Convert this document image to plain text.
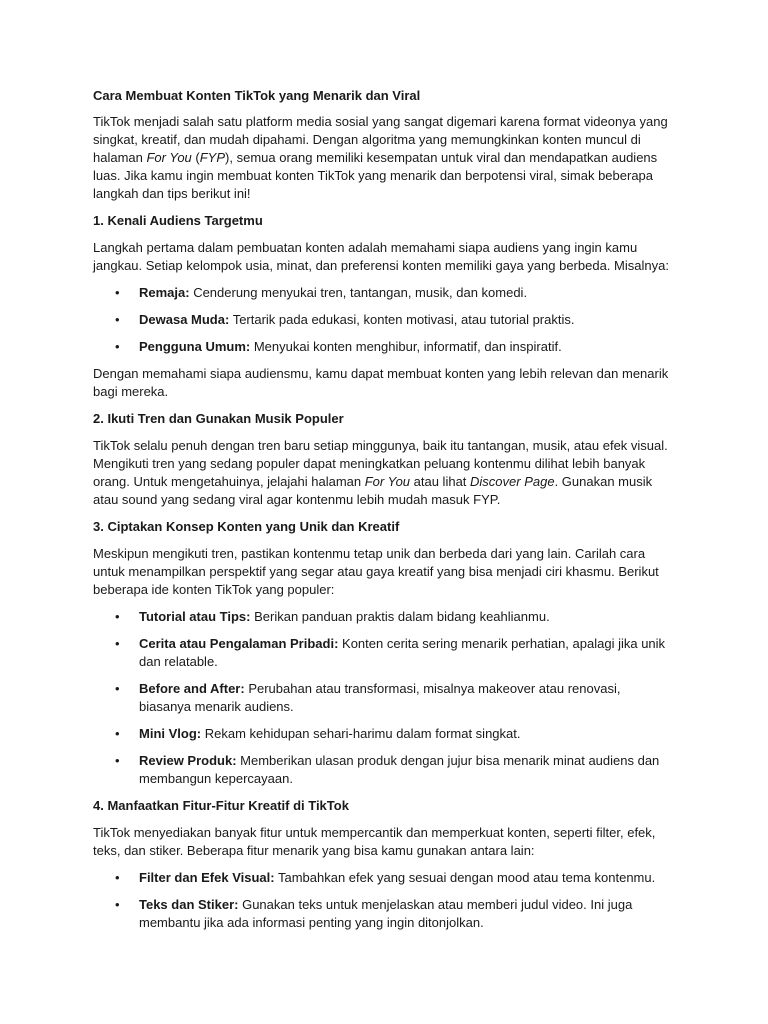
Cara Membuat Konten TikTok yang Menarik dan Viral

TikTok menjadi salah satu platform media sosial yang sangat digemari karena format videonya yang singkat, kreatif, dan mudah dipahami. Dengan algoritma yang memungkinkan konten muncul di halaman For You (FYP), semua orang memiliki kesempatan untuk viral dan mendapatkan audiens luas. Jika kamu ingin membuat konten TikTok yang menarik dan berpotensi viral, simak beberapa langkah dan tips berikut ini!

1. Kenali Audiens Targetmu

Langkah pertama dalam pembuatan konten adalah memahami siapa audiens yang ingin kamu jangkau. Setiap kelompok usia, minat, dan preferensi konten memiliki gaya yang berbeda. Misalnya:

• Remaja: Cenderung menyukai tren, tantangan, musik, dan komedi.
• Dewasa Muda: Tertarik pada edukasi, konten motivasi, atau tutorial praktis.
• Pengguna Umum: Menyukai konten menghibur, informatif, dan inspiratif.

Dengan memahami siapa audiensmu, kamu dapat membuat konten yang lebih relevan dan menarik bagi mereka.

2. Ikuti Tren dan Gunakan Musik Populer

TikTok selalu penuh dengan tren baru setiap minggunya, baik itu tantangan, musik, atau efek visual. Mengikuti tren yang sedang populer dapat meningkatkan peluang kontenmu dilihat lebih banyak orang. Untuk mengetahuinya, jelajahi halaman For You atau lihat Discover Page. Gunakan musik atau sound yang sedang viral agar kontenmu lebih mudah masuk FYP.

3. Ciptakan Konsep Konten yang Unik dan Kreatif

Meskipun mengikuti tren, pastikan kontenmu tetap unik dan berbeda dari yang lain. Carilah cara untuk menampilkan perspektif yang segar atau gaya kreatif yang bisa menjadi ciri khasmu. Berikut beberapa ide konten TikTok yang populer:

• Tutorial atau Tips: Berikan panduan praktis dalam bidang keahlianmu.
• Cerita atau Pengalaman Pribadi: Konten cerita sering menarik perhatian, apalagi jika unik dan relatable.
• Before and After: Perubahan atau transformasi, misalnya makeover atau renovasi, biasanya menarik audiens.
• Mini Vlog: Rekam kehidupan sehari-harimu dalam format singkat.
• Review Produk: Memberikan ulasan produk dengan jujur bisa menarik minat audiens dan membangun kepercayaan.
4. Manfaatkan Fitur-Fitur Kreatif di TikTok

TikTok menyediakan banyak fitur untuk mempercantik dan memperkuat konten, seperti filter, efek, teks, dan stiker. Beberapa fitur menarik yang bisa kamu gunakan antara lain:

• Filter dan Efek Visual: Tambahkan efek yang sesuai dengan mood atau tema kontenmu.
• Teks dan Stiker: Gunakan teks untuk menjelaskan atau memberi judul video. Ini juga membantu jika ada informasi penting yang ingin ditonjolkan.
